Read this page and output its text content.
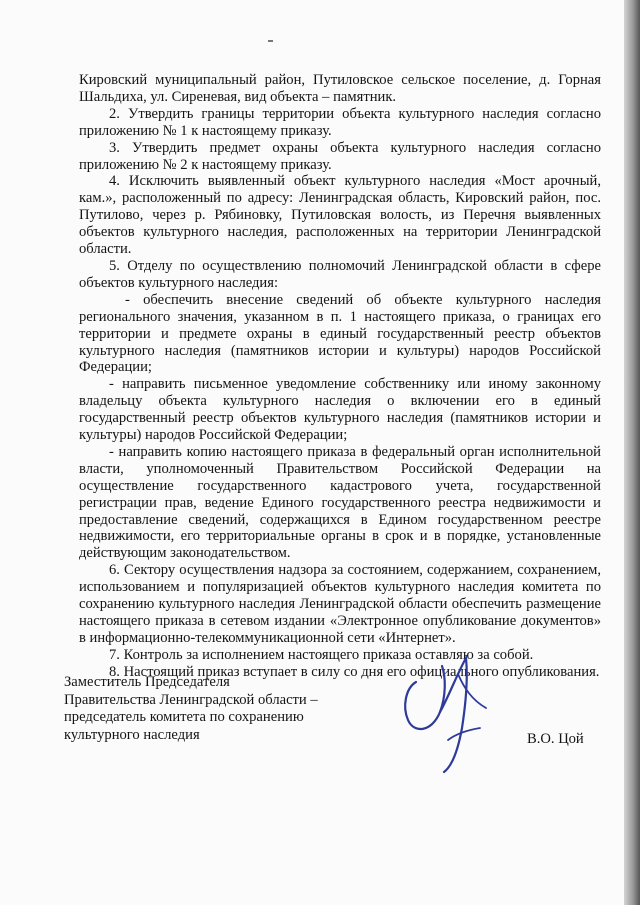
Кировский муниципальный район, Путиловское сельское поселение, д. Горная Шальдиха, ул. Сиреневая, вид объекта – памятник.

2. Утвердить границы территории объекта культурного наследия согласно приложению № 1 к настоящему приказу.

3. Утвердить предмет охраны объекта культурного наследия согласно приложению № 2 к настоящему приказу.

4. Исключить выявленный объект культурного наследия «Мост арочный, кам.», расположенный по адресу: Ленинградская область, Кировский район, пос. Путилово, через р. Рябиновку, Путиловская волость, из Перечня выявленных объектов культурного наследия, расположенных на территории Ленинградской области.

5. Отделу по осуществлению полномочий Ленинградской области в сфере объектов культурного наследия:

- обеспечить внесение сведений об объекте культурного наследия регионального значения, указанном в п. 1 настоящего приказа, о границах его территории и предмете охраны в единый государственный реестр объектов культурного наследия (памятников истории и культуры) народов Российской Федерации;

- направить письменное уведомление собственнику или иному законному владельцу объекта культурного наследия о включении его в единый государственный реестр объектов культурного наследия (памятников истории и культуры) народов Российской Федерации;

- направить копию настоящего приказа в федеральный орган исполнительной власти, уполномоченный Правительством Российской Федерации на осуществление государственного кадастрового учета, государственной регистрации прав, ведение Единого государственного реестра недвижимости и предоставление сведений, содержащихся в Едином государственном реестре недвижимости, его территориальные органы в срок и в порядке, установленные действующим законодательством.

6. Сектору осуществления надзора за состоянием, содержанием, сохранением, использованием и популяризацией объектов культурного наследия комитета по сохранению культурного наследия Ленинградской области обеспечить размещение настоящего приказа в сетевом издании «Электронное опубликование документов» в информационно-телекоммуникационной сети «Интернет».

7. Контроль за исполнением настоящего приказа оставляю за собой.

8. Настоящий приказ вступает в силу со дня его официального опубликования.

Заместитель Председателя
Правительства Ленинградской области –
председатель комитета по сохранению
культурного наследия	В.О. Цой
